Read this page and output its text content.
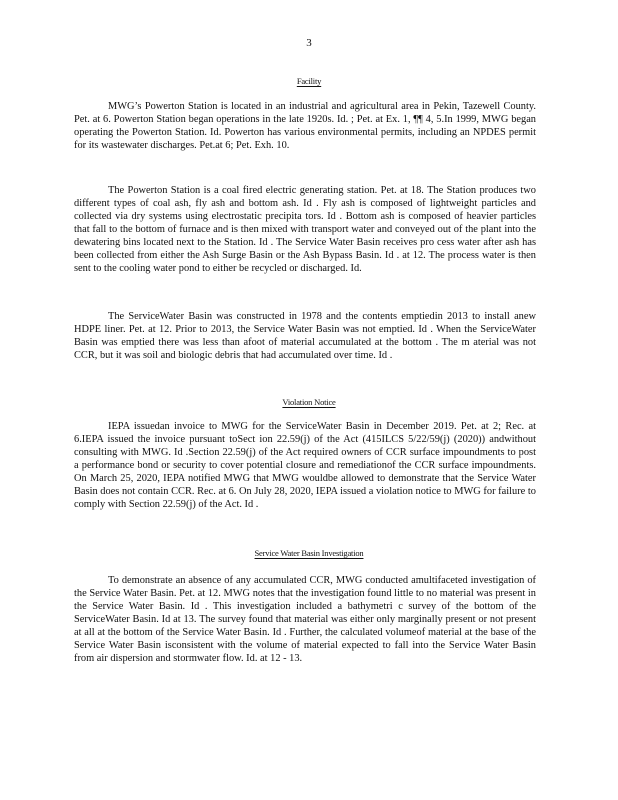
3
Facility

MWG’s Powerton Station is located in an industrial and agricultural area in Pekin, Tazewell County. Pet. at 6. Powerton Station began operations in the late 1920s. Id. ; Pet. at Ex. 1, ¶¶ 4, 5.In 1999, MWG began operating the Powerton Station. Id. Powerton has various environmental permits, including an NPDES permit for its wastewater discharges. Pet.at 6; Pet. Exh. 10.

The Powerton Station is a coal fired electric generating station. Pet. at 18. The Station produces two different types of coal ash, fly ash and bottom ash. Id . Fly ash is composed of lightweight particles and collected via dry systems using electrostatic precipita tors. Id . Bottom ash is composed of heavier particles that fall to the bottom of furnace and is then mixed with transport water and conveyed out of the plant into the dewatering bins located next to the Station. Id . The Service Water Basin receives pro cess water after ash has been collected from either the Ash Surge Basin or the Ash Bypass Basin. Id . at 12. The process water is then sent to the cooling water pond to either be recycled or discharged. Id.

The ServiceWater Basin was constructed in 1978 and the contents emptiedin 2013 to install anew HDPE liner. Pet. at 12. Prior to 2013, the Service Water Basin was not emptied. Id . When the ServiceWater Basin was emptied there was less than afoot of material accumulated at the bottom . The m aterial was not CCR, but it was soil and biologic debris that had accumulated over time. Id .

Violation Notice

IEPA issuedan invoice to MWG for the ServiceWater Basin in December 2019. Pet. at 2; Rec. at 6.IEPA issued the invoice pursuant toSect ion 22.59(j) of the Act (415ILCS 5/22/59(j) (2020)) andwithout consulting with MWG. Id .Section 22.59(j) of the Act required owners of CCR surface impoundments to post a performance bond or security to cover potential closure and remediationof the CCR surface impoundments. On March 25, 2020, IEPA notified MWG that MWG wouldbe allowed to demonstrate that the Service Water Basin does not contain CCR. Rec. at 6. On July 28, 2020, IEPA issued a violation notice to MWG for failure to comply with Section 22.59(j) of the Act. Id .

Service Water Basin Investigation

To demonstrate an absence of any accumulated CCR, MWG conducted amultifaceted investigation of the Service Water Basin. Pet. at 12. MWG notes that the investigation found little to no material was present in the Service Water Basin. Id . This investigation included a bathymetri c survey of the bottom of the ServiceWater Basin. Id at 13. The survey found that material was either only marginally present or not present at all at the bottom of the Service Water Basin. Id . Further, the calculated volumeof material at the base of the Service Water Basin isconsistent with the volume of material expected to fall into the Service Water Basin from air dispersion and stormwater flow. Id. at 12 - 13.
